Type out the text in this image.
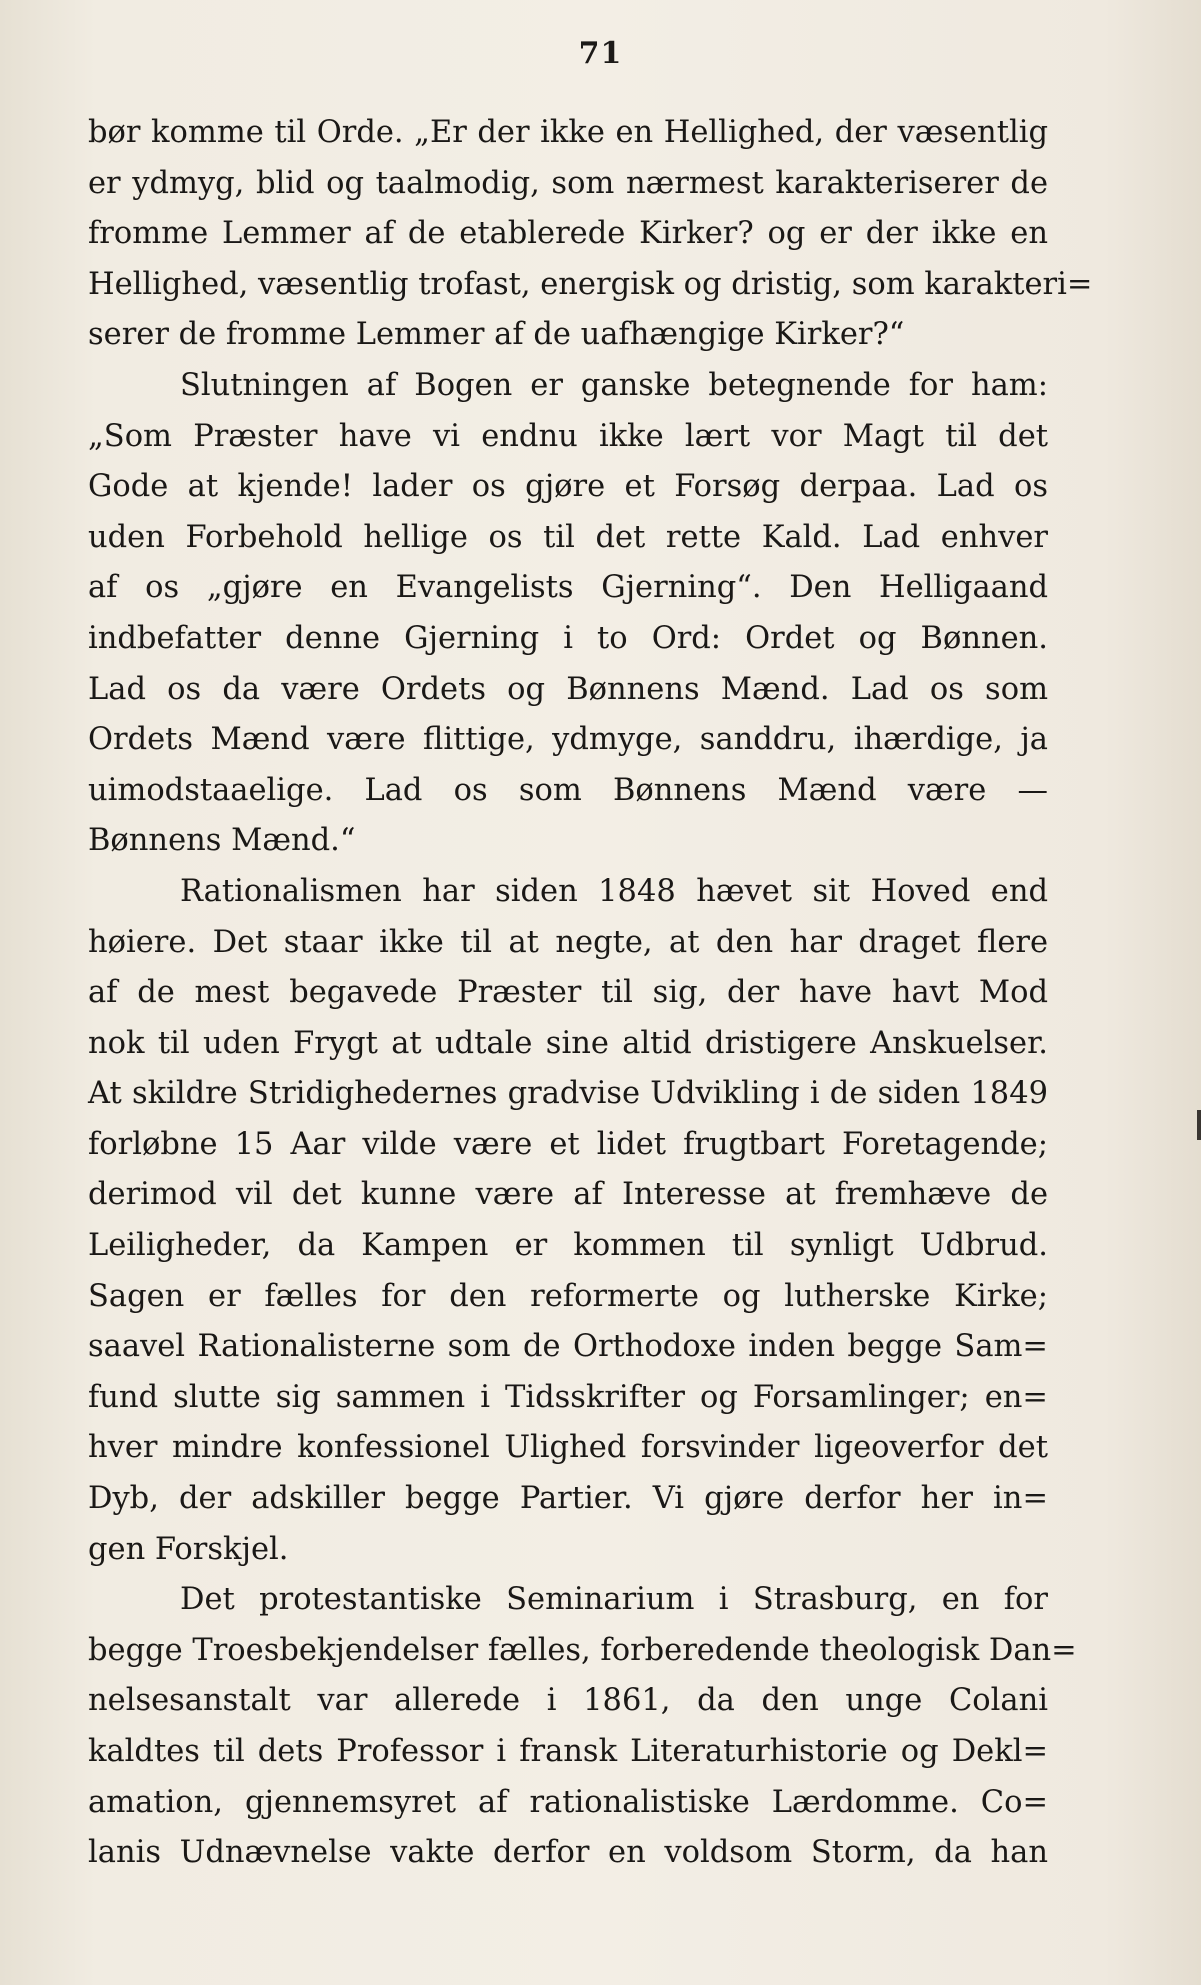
71
bør komme til Orde. „Er der ikke en Hellighed, der væsentlig
er ydmyg, blid og taalmodig, som nærmest karakteriserer de
fromme Lemmer af de etablerede Kirker? og er der ikke en
Hellighed, væsentlig trofast, energisk og dristig, som karakteri=
serer de fromme Lemmer af de uafhængige Kirker?“
Slutningen af Bogen er ganske betegnende for ham:
„Som Præster have vi endnu ikke lært vor Magt til det
Gode at kjende! lader os gjøre et Forsøg derpaa. Lad os
uden Forbehold hellige os til det rette Kald. Lad enhver
af os „gjøre en Evangelists Gjerning“. Den Helligaand
indbefatter denne Gjerning i to Ord: Ordet og Bønnen.
Lad os da være Ordets og Bønnens Mænd. Lad os som
Ordets Mænd være flittige, ydmyge, sanddru, ihærdige, ja
uimodstaaelige. Lad os som Bønnens Mænd være —
Bønnens Mænd.“
Rationalismen har siden 1848 hævet sit Hoved end
høiere. Det staar ikke til at negte, at den har draget flere
af de mest begavede Præster til sig, der have havt Mod
nok til uden Frygt at udtale sine altid dristigere Anskuelser.
At skildre Stridighedernes gradvise Udvikling i de siden 1849
forløbne 15 Aar vilde være et lidet frugtbart Foretagende;
derimod vil det kunne være af Interesse at fremhæve de
Leiligheder, da Kampen er kommen til synligt Udbrud.
Sagen er fælles for den reformerte og lutherske Kirke;
saavel Rationalisterne som de Orthodoxe inden begge Sam=
fund slutte sig sammen i Tidsskrifter og Forsamlinger; en=
hver mindre konfessionel Ulighed forsvinder ligeoverfor det
Dyb, der adskiller begge Partier. Vi gjøre derfor her in=
gen Forskjel.
Det protestantiske Seminarium i Strasburg, en for
begge Troesbekjendelser fælles, forberedende theologisk Dan=
nelsesanstalt var allerede i 1861, da den unge Colani
kaldtes til dets Professor i fransk Literaturhistorie og Dekl=
amation, gjennemsyret af rationalistiske Lærdomme. Co=
lanis Udnævnelse vakte derfor en voldsom Storm, da han
